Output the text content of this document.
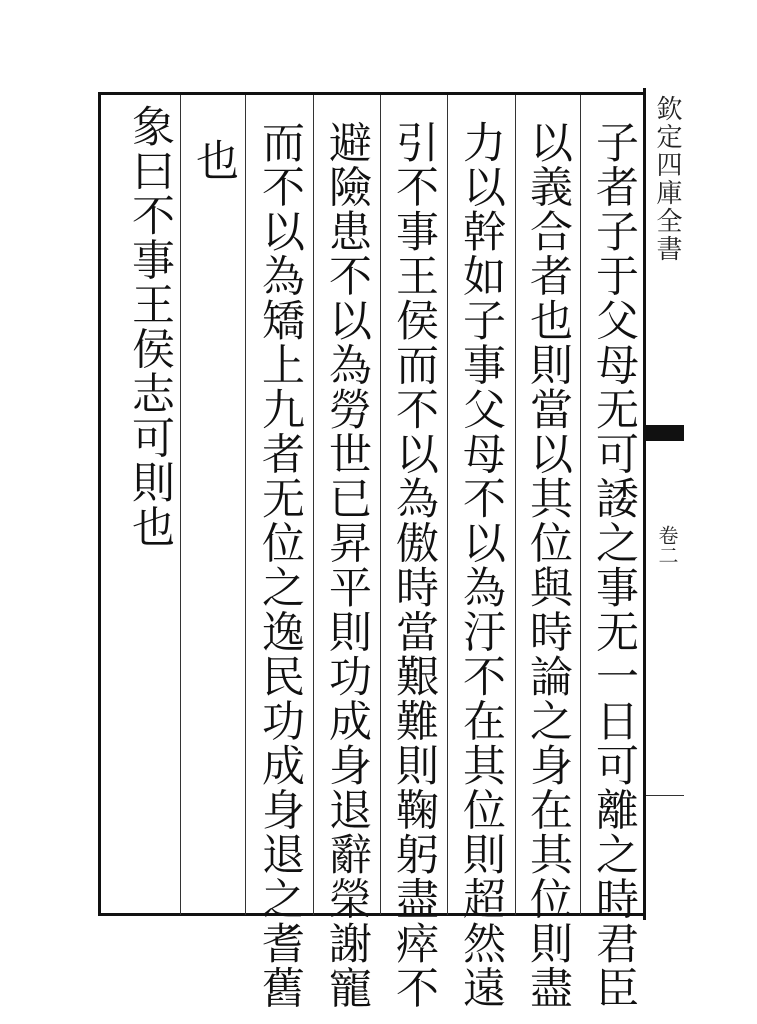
子者子于父母无可諉之事无一日可離之時君臣
以義合者也則當以其位與時論之身在其位則盡
力以幹如子事父母不以為汙不在其位則超然遠
引不事王侯而不以為傲時當艱難則鞠躬盡瘁不
避險患不以為勞世已昇平則功成身退辭榮謝寵
而不以為矯上九者无位之逸民功成身退之耆舊
也
象曰不事王侯志可則也	欽定四庫全書
卷二
